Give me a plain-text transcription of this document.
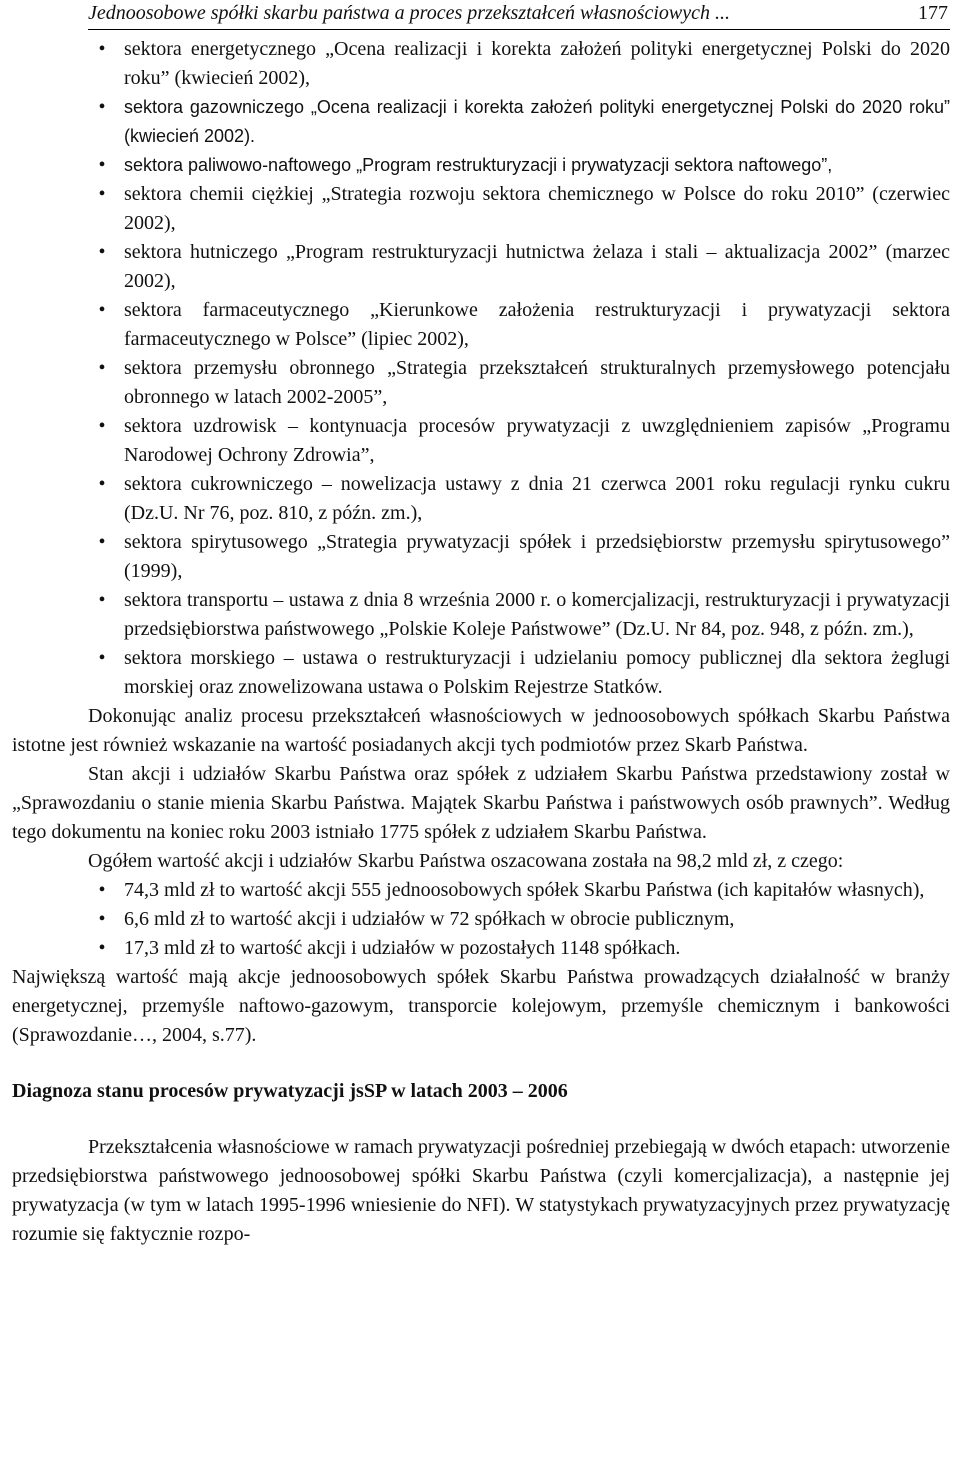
Jednoosobowe spółki skarbu państwa a proces przekształceń własnościowych ...	177
• sektora energetycznego „Ocena realizacji i korekta założeń polityki energetycznej Polski do 2020 roku” (kwiecień 2002),
•	sektora gazowniczego „Ocena realizacji i korekta założeń polityki energetycznej Polski do 2020 roku” (kwiecień 2002).
•	sektora paliwowo-naftowego „Program restrukturyzacji i prywatyzacji sektora naftowego”,
• sektora chemii ciężkiej „Strategia rozwoju sektora chemicznego w Polsce do roku 2010” (czerwiec 2002),
• sektora hutniczego „Program restrukturyzacji hutnictwa żelaza i stali – aktualizacja 2002” (marzec 2002),
• sektora farmaceutycznego „Kierunkowe założenia restrukturyzacji i prywatyzacji sektora farmaceutycznego w Polsce” (lipiec 2002),
• sektora przemysłu obronnego „Strategia przekształceń strukturalnych przemysłowego potencjału obronnego w latach 2002-2005”,
• sektora uzdrowisk – kontynuacja procesów prywatyzacji z uwzględnieniem zapisów „Programu Narodowej Ochrony Zdrowia”,
• sektora cukrowniczego – nowelizacja ustawy z dnia 21 czerwca 2001 roku regulacji rynku cukru (Dz.U. Nr 76, poz. 810, z późn. zm.),
• sektora spirytusowego „Strategia prywatyzacji spółek i przedsiębiorstw przemysłu spirytusowego” (1999),
• sektora transportu – ustawa z dnia 8 września 2000 r. o komercjalizacji, restrukturyzacji i prywatyzacji przedsiębiorstwa państwowego „Polskie Koleje Państwowe” (Dz.U. Nr 84, poz. 948, z późn. zm.),
• sektora morskiego – ustawa o restrukturyzacji i udzielaniu pomocy publicznej dla sektora żeglugi morskiej oraz znowelizowana ustawa o Polskim Rejestrze Statków.

Dokonując analiz procesu przekształceń własnościowych w jednoosobowych spółkach Skarbu Państwa istotne jest również wskazanie na wartość posiadanych akcji tych podmiotów przez Skarb Państwa.

Stan akcji i udziałów Skarbu Państwa oraz spółek z udziałem Skarbu Państwa przedstawiony został w „Sprawozdaniu o stanie mienia Skarbu Państwa. Majątek Skarbu Państwa i państwowych osób prawnych”. Według tego dokumentu na koniec roku 2003 istniało 1775 spółek z udziałem Skarbu Państwa.

Ogółem wartość akcji i udziałów Skarbu Państwa oszacowana została na 98,2 mld zł, z czego:

• 74,3 mld zł to wartość akcji 555 jednoosobowych spółek Skarbu Państwa (ich kapitałów własnych),
• 6,6 mld zł to wartość akcji i udziałów w 72 spółkach w obrocie publicznym,
• 17,3 mld zł to wartość akcji i udziałów w pozostałych 1148 spółkach.

Największą wartość mają akcje jednoosobowych spółek Skarbu Państwa prowadzących działalność w branży energetycznej, przemyśle naftowo-gazowym, transporcie kolejowym, przemyśle chemicznym i bankowości (Sprawozdanie…, 2004, s.77).

Diagnoza stanu procesów prywatyzacji jsSP w latach 2003 – 2006

Przekształcenia własnościowe w ramach prywatyzacji pośredniej przebiegają w dwóch etapach: utworzenie przedsiębiorstwa państwowego jednoosobowej spółki Skarbu Państwa (czyli komercjalizacja), a następnie jej prywatyzacja (w tym w latach 1995-1996 wniesienie do NFI). W statystykach prywatyzacyjnych przez prywatyzację rozumie się faktycznie rozpo-
